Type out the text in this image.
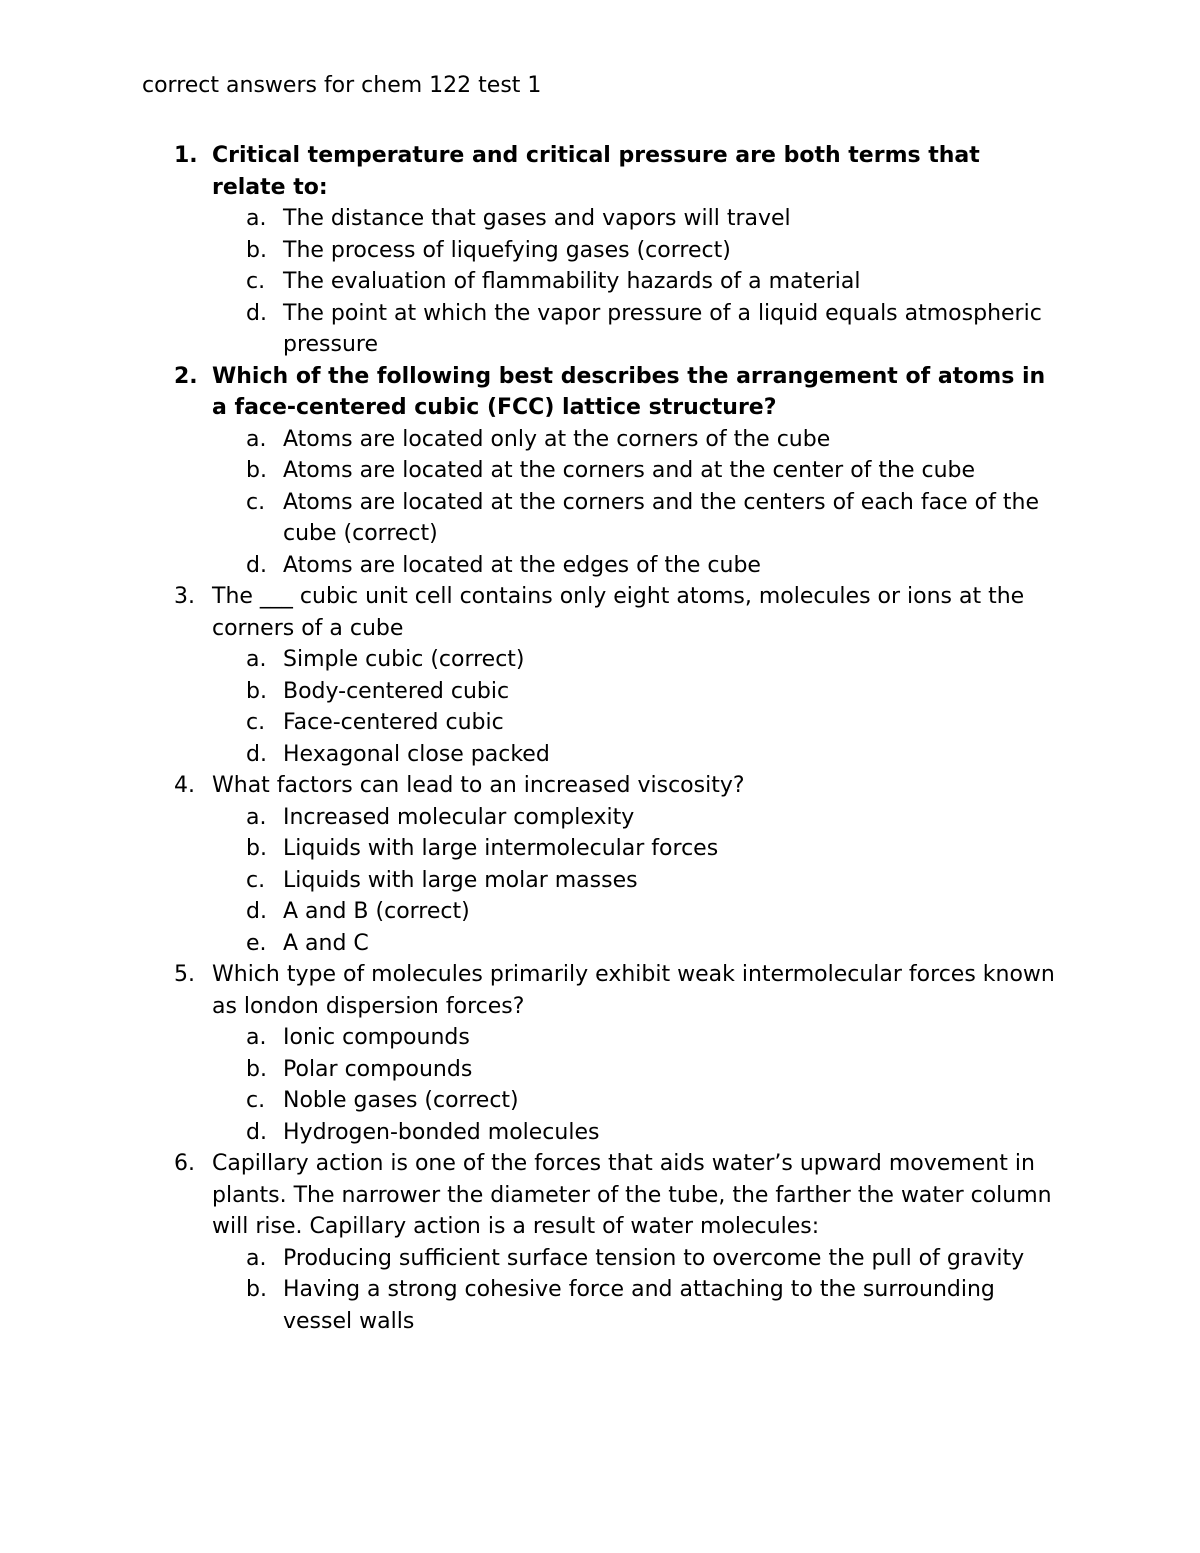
correct answers for chem 122 test 1
1. Critical temperature and critical pressure are both terms that relate to:
a. The distance that gases and vapors will travel
b. The process of liquefying gases (correct)
c. The evaluation of flammability hazards of a material
d. The point at which the vapor pressure of a liquid equals atmospheric pressure
2. Which of the following best describes the arrangement of atoms in a face-centered cubic (FCC) lattice structure?
a. Atoms are located only at the corners of the cube
b. Atoms are located at the corners and at the center of the cube
c. Atoms are located at the corners and the centers of each face of the cube (correct)
d. Atoms are located at the edges of the cube
3. The ___ cubic unit cell contains only eight atoms, molecules or ions at the corners of a cube
a. Simple cubic (correct)
b. Body-centered cubic
c. Face-centered cubic
d. Hexagonal close packed
4. What factors can lead to an increased viscosity?
a. Increased molecular complexity
b. Liquids with large intermolecular forces
c. Liquids with large molar masses
d. A and B (correct)
e. A and C
5. Which type of molecules primarily exhibit weak intermolecular forces known as london dispersion forces?
a. Ionic compounds
b. Polar compounds
c. Noble gases (correct)
d. Hydrogen-bonded molecules
6. Capillary action is one of the forces that aids water’s upward movement in plants. The narrower the diameter of the tube, the farther the water column will rise. Capillary action is a result of water molecules:
a. Producing sufficient surface tension to overcome the pull of gravity
b. Having a strong cohesive force and attaching to the surrounding vessel walls
